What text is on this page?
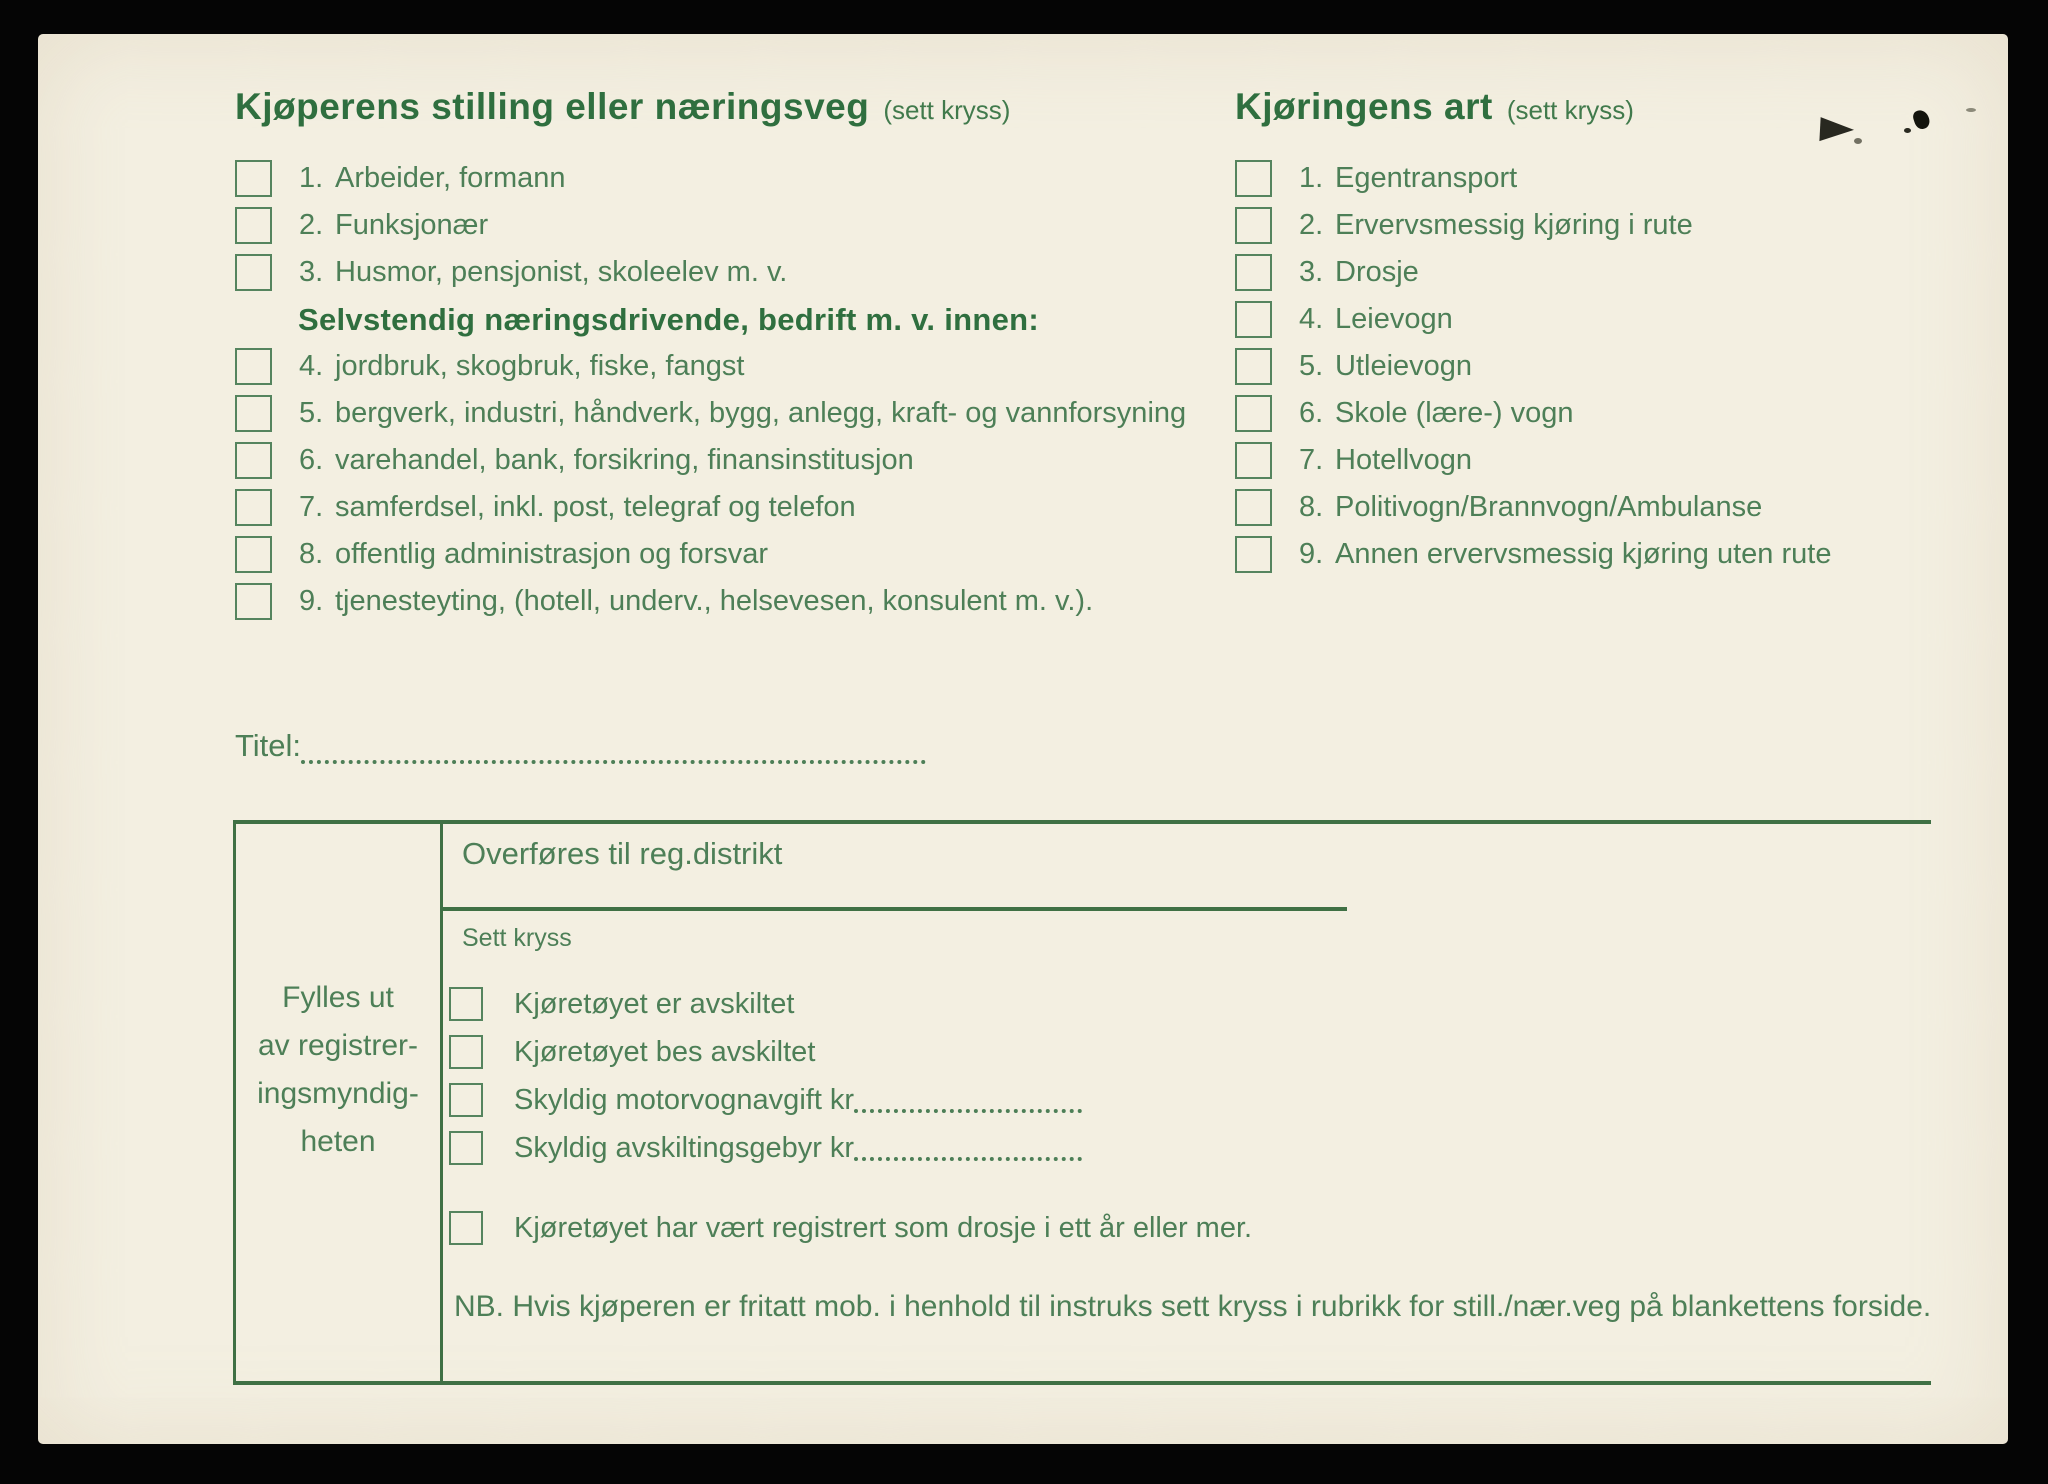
Kjøperens stilling eller næringsveg (sett kryss)	Kjøringens art (sett kryss)
1. Arbeider, formann
2. Funksjonær
3. Husmor, pensjonist, skoleelev m. v.
Selvstendig næringsdrivende, bedrift m. v. innen:
4. jordbruk, skogbruk, fiske, fangst
5. bergverk, industri, håndverk, bygg, anlegg, kraft- og vannforsyning
6. varehandel, bank, forsikring, finansinstitusjon
7. samferdsel, inkl. post, telegraf og telefon
8. offentlig administrasjon og forsvar
9. tjenesteyting, (hotell, underv., helsevesen, konsulent m. v.).
1. Egentransport
2. Ervervsmessig kjøring i rute
3. Drosje
4. Leievogn
5. Utleievogn
6. Skole (lære-) vogn
7. Hotellvogn
8. Politivogn/Brannvogn/Ambulanse
9. Annen ervervsmessig kjøring uten rute
Titel:
Fylles ut
av registrer-
ingsmyndig-
heten
Overføres til reg.distrikt
Sett kryss
Kjøretøyet er avskiltet
Kjøretøyet bes avskiltet
Skyldig motorvognavgift kr
Skyldig avskiltingsgebyr kr
Kjøretøyet har vært registrert som drosje i ett år eller mer.
NB. Hvis kjøperen er fritatt mob. i henhold til instruks sett kryss i rubrikk for still./nær.veg på blankettens forside.
